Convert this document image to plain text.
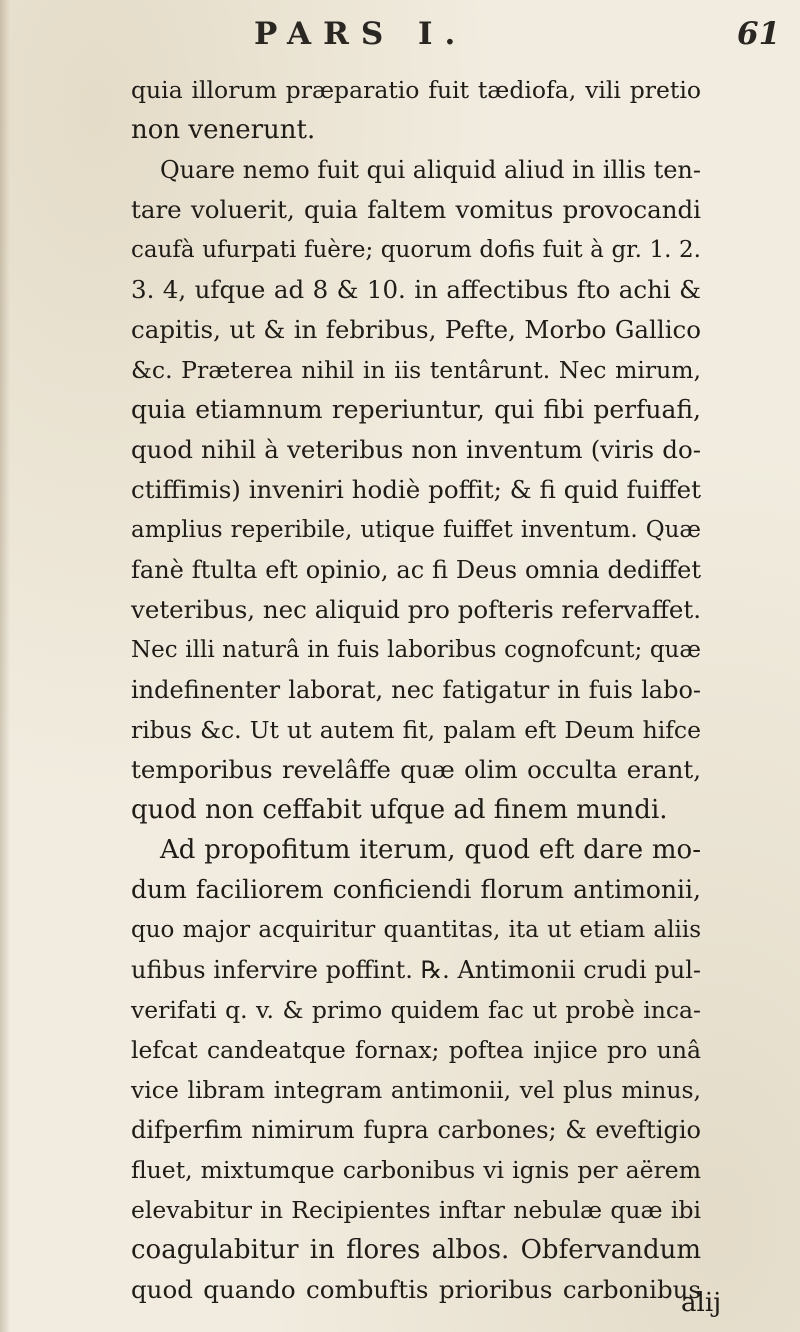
PARS I.	61
quia illorum præparatio fuit tædiofa, vili pretio
non venerunt.
Quare nemo fuit qui aliquid aliud in illis ten-
tare voluerit, quia faltem vomitus provocandi
caufà ufurpati fuère; quorum dofis fuit à gr. 1. 2.
3. 4, ufque ad 8 & 10. in affectibus fto achi &
capitis, ut & in febribus, Pefte, Morbo Gallico
&c. Præterea nihil in iis tentârunt. Nec mirum,
quia etiamnum reperiuntur, qui fibi perfuafi,
quod nihil à veteribus non inventum (viris do-
ctiffimis) inveniri hodiè poffit; & fi quid fuiffet
amplius reperibile, utique fuiffet inventum. Quæ
fanè ftulta eft opinio, ac fi Deus omnia dediffet
veteribus, nec aliquid pro pofteris refervaffet.
Nec illi naturâ in fuis laboribus cognofcunt; quæ
indefinenter laborat, nec fatigatur in fuis labo-
ribus &c. Ut ut autem fit, palam eft Deum hifce
temporibus revelâffe quæ olim occulta erant,
quod non ceffabit ufque ad finem mundi.
Ad propofitum iterum, quod eft dare mo-
dum faciliorem conficiendi florum antimonii,
quo major acquiritur quantitas, ita ut etiam aliis
ufibus infervire poffint. ℞. Antimonii crudi pul-
verifati q. v. & primo quidem fac ut probè inca-
lefcat candeatque fornax; poftea injice pro unâ
vice libram integram antimonii, vel plus minus,
difperfim nimirum fupra carbones; & eveftigio
fluet, mixtumque carbonibus vi ignis per aërem
elevabitur in Recipientes inftar nebulæ quæ ibi
coagulabitur in flores albos. Obfervandum
quod quando combuftis prioribus carbonibus
alij
